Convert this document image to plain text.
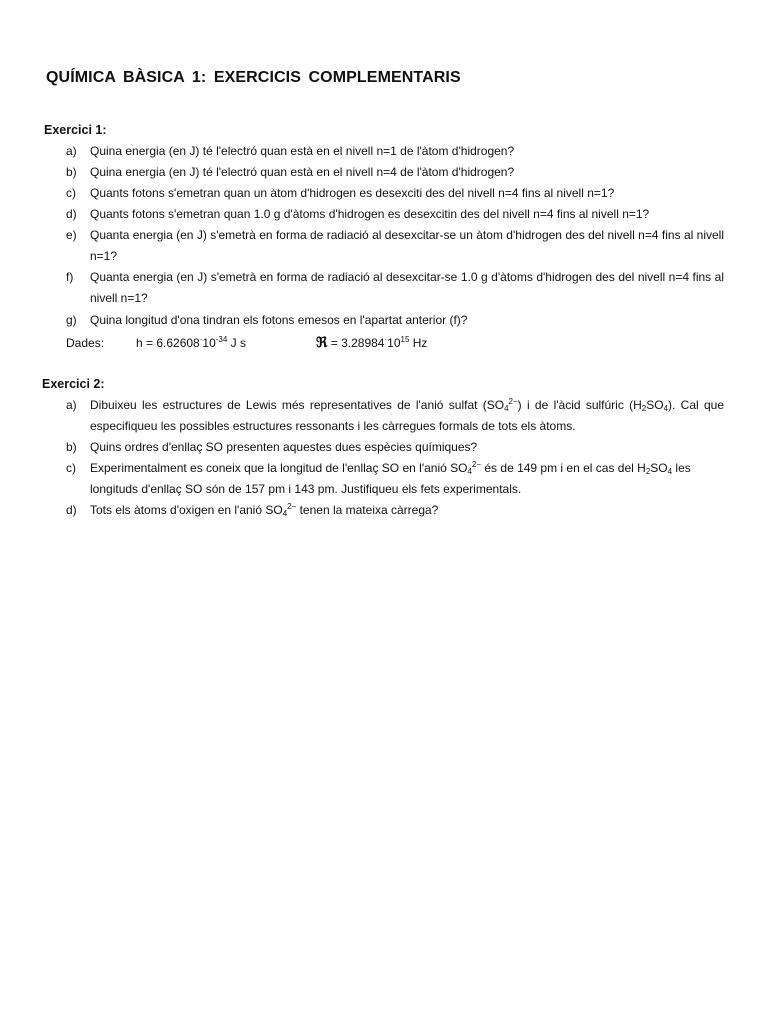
QUÍMICA BÀSICA 1: EXERCICIS COMPLEMENTARIS
Exercici 1:
a)	Quina energia (en J) té l'electró quan està en el nivell n=1 de l'àtom d'hidrogen?
b)	Quina energia (en J) té l'electró quan està en el nivell n=4 de l'àtom d'hidrogen?
c)	Quants fotons s'emetran quan un àtom d'hidrogen es desexciti des del nivell n=4 fins al nivell n=1?
d)	Quants fotons s'emetran quan 1.0 g d'àtoms d'hidrogen es desexcitin des del nivell n=4 fins al nivell n=1?
e)	Quanta energia (en J) s'emetrà en forma de radiació al desexcitar-se un àtom d'hidrogen des del nivell n=4 fins al nivell n=1?
f)	Quanta energia (en J) s'emetrà en forma de radiació al desexcitar-se 1.0 g d'àtoms d'hidrogen des del nivell n=4 fins al nivell n=1?
g)	Quina longitud d'ona tindran els fotons emesos en l'apartat anterior (f)?
Dades:	$h = 6.62608^\cdot 10^{-34}$ J s	ℜ = $3.28984^\cdot 10^{15}$ Hz
Exercici 2:
a)	Dibuixeu les estructures de Lewis més representatives de l'anió sulfat $(SO_4^{2-})$ i de l'àcid sulfúric $(H_2SO_4)$. Cal que especifiqueu les possibles estructures ressonants i les càrregues formals de tots els àtoms.
b)	Quins ordres d'enllaç SO presenten aquestes dues espècies químiques?
c)	Experimentalment es coneix que la longitud de l'enllaç SO en l'anió $SO_4^{2-}$ és de 149 pm i en el cas del $H_2SO_4$ les longituds d'enllaç SO són de 157 pm i 143 pm. Justifiqueu els fets experimentals.
d)	Tots els àtoms d'oxigen en l'anió $SO_4^{2-}$ tenen la mateixa càrrega?
